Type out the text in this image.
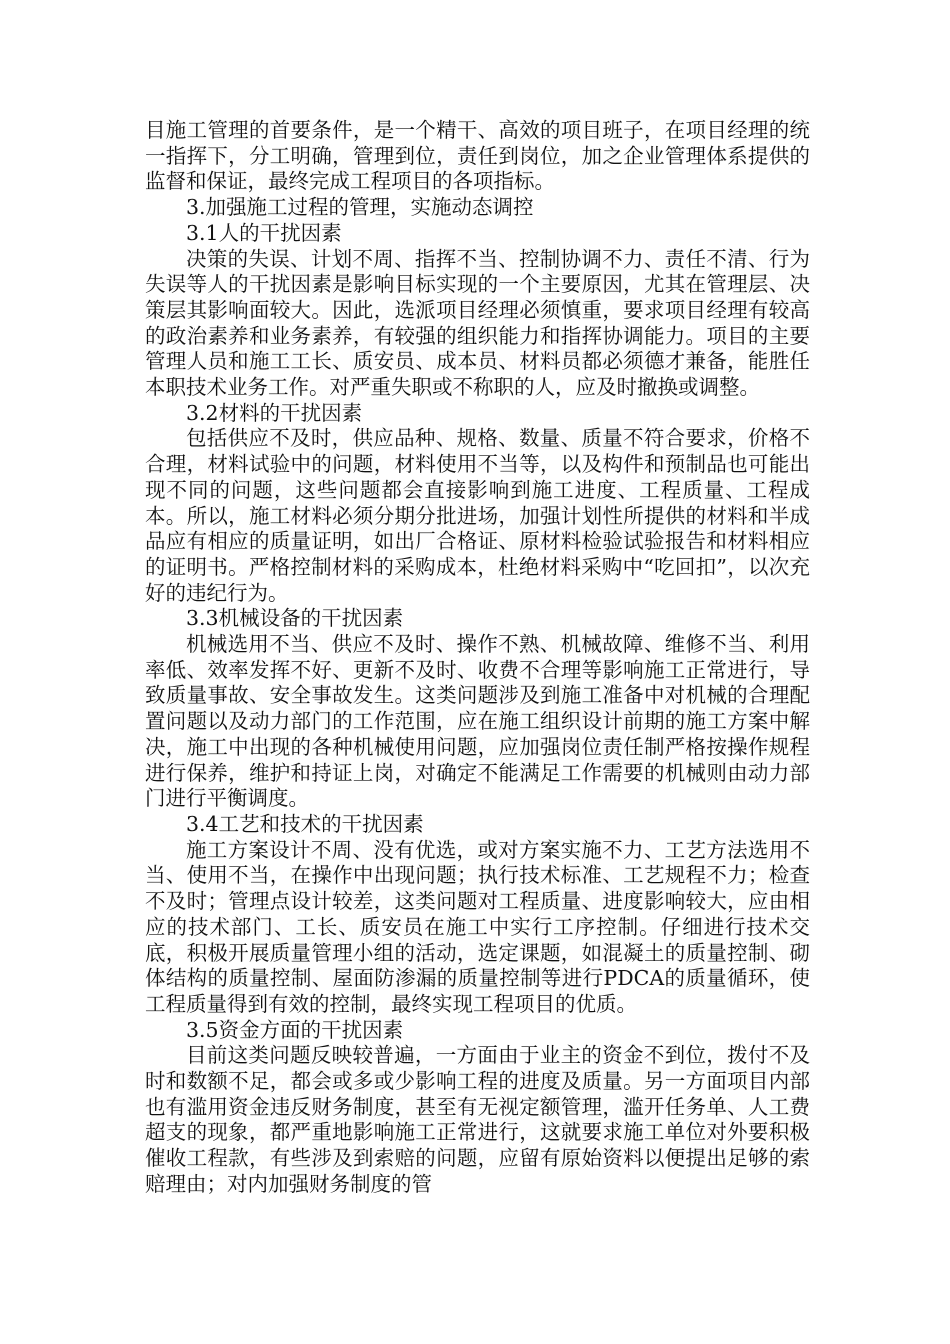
目施工管理的首要条件，是一个精干、高效的项目班子，在项目经理的统一指挥下，分工明确，管理到位，责任到岗位，加之企业管理体系提供的监督和保证，最终完成工程项目的各项指标。

3.加强施工过程的管理，实施动态调控

3.1人的干扰因素

决策的失误、计划不周、指挥不当、控制协调不力、责任不清、行为失误等人的干扰因素是影响目标实现的一个主要原因，尤其在管理层、决策层其影响面较大。因此，选派项目经理必须慎重，要求项目经理有较高的政治素养和业务素养，有较强的组织能力和指挥协调能力。项目的主要管理人员和施工工长、质安员、成本员、材料员都必须德才兼备，能胜任本职技术业务工作。对严重失职或不称职的人，应及时撤换或调整。

3.2材料的干扰因素

包括供应不及时，供应品种、规格、数量、质量不符合要求，价格不合理，材料试验中的问题，材料使用不当等，以及构件和预制品也可能出现不同的问题，这些问题都会直接影响到施工进度、工程质量、工程成本。所以，施工材料必须分期分批进场，加强计划性所提供的材料和半成品应有相应的质量证明，如出厂合格证、原材料检验试验报告和材料相应的证明书。严格控制材料的采购成本，杜绝材料采购中“吃回扣”，以次充好的违纪行为。

3.3机械设备的干扰因素

机械选用不当、供应不及时、操作不熟、机械故障、维修不当、利用率低、效率发挥不好、更新不及时、收费不合理等影响施工正常进行，导致质量事故、安全事故发生。这类问题涉及到施工准备中对机械的合理配置问题以及动力部门的工作范围，应在施工组织设计前期的施工方案中解决，施工中出现的各种机械使用问题，应加强岗位责任制严格按操作规程进行保养，维护和持证上岗，对确定不能满足工作需要的机械则由动力部门进行平衡调度。

3.4工艺和技术的干扰因素

施工方案设计不周、没有优选，或对方案实施不力、工艺方法选用不当、使用不当，在操作中出现问题；执行技术标准、工艺规程不力；检查不及时；管理点设计较差，这类问题对工程质量、进度影响较大，应由相应的技术部门、工长、质安员在施工中实行工序控制。仔细进行技术交底，积极开展质量管理小组的活动，选定课题，如混凝土的质量控制、砌体结构的质量控制、屋面防渗漏的质量控制等进行PDCA的质量循环，使工程质量得到有效的控制，最终实现工程项目的优质。

3.5资金方面的干扰因素

目前这类问题反映较普遍，一方面由于业主的资金不到位，拨付不及时和数额不足，都会或多或少影响工程的进度及质量。另一方面项目内部也有滥用资金违反财务制度，甚至有无视定额管理，滥开任务单、人工费超支的现象，都严重地影响施工正常进行，这就要求施工单位对外要积极催收工程款，有些涉及到索赔的问题，应留有原始资料以便提出足够的索赔理由；对内加强财务制度的管
